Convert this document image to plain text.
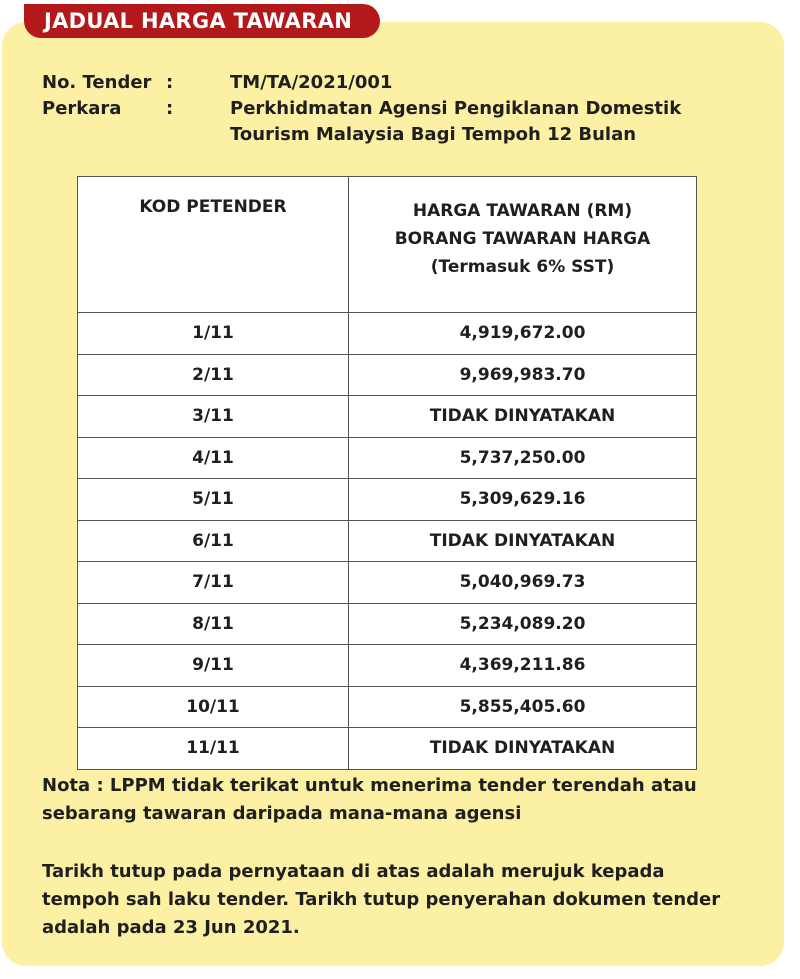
JADUAL HARGA TAWARAN
No. Tender :	TM/TA/2021/001
Perkara	:	Perkhidmatan Agensi Pengiklanan Domestik
Tourism Malaysia Bagi Tempoh 12 Bulan
KOD PETENDER	HARGA TAWARAN (RM)
BORANG TAWARAN HARGA
(Termasuk 6% SST)

1/11	4,919,672.00
2/11	9,969,983.70
3/11	TIDAK DINYATAKAN
4/11	5,737,250.00
5/11	5,309,629.16
6/11	TIDAK DINYATAKAN
7/11	5,040,969.73
8/11	5,234,089.20
9/11	4,369,211.86
10/11	5,855,405.60
11/11	TIDAK DINYATAKAN
Nota : LPPM tidak terikat untuk menerima tender terendah atau
sebarang tawaran daripada mana-mana agensi
Tarikh tutup pada pernyataan di atas adalah merujuk kepada
tempoh sah laku tender. Tarikh tutup penyerahan dokumen tender
adalah pada 23 Jun 2021.
